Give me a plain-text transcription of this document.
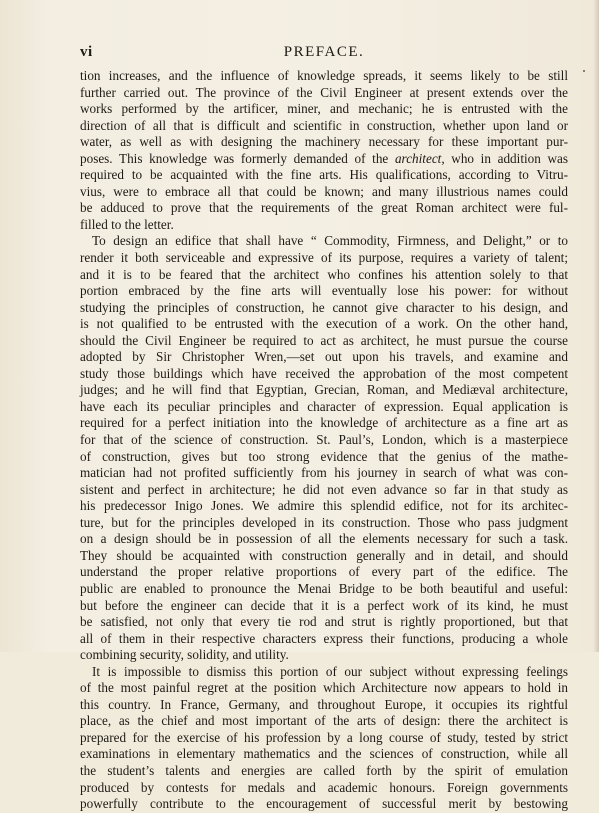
vi	PREFACE.
tion increases, and the influence of knowledge spreads, it seems likely to be still
further carried out. The province of the Civil Engineer at present extends over the
works performed by the artificer, miner, and mechanic; he is entrusted with the
direction of all that is difficult and scientific in construction, whether upon land or
water, as well as with designing the machinery necessary for these important pur-
poses. This knowledge was formerly demanded of the architect, who in addition was
required to be acquainted with the fine arts. His qualifications, according to Vitru-
vius, were to embrace all that could be known; and many illustrious names could
be adduced to prove that the requirements of the great Roman architect were ful-
filled to the letter.
To design an edifice that shall have “ Commodity, Firmness, and Delight,” or to
render it both serviceable and expressive of its purpose, requires a variety of talent;
and it is to be feared that the architect who confines his attention solely to that
portion embraced by the fine arts will eventually lose his power: for without
studying the principles of construction, he cannot give character to his design, and
is not qualified to be entrusted with the execution of a work. On the other hand,
should the Civil Engineer be required to act as architect, he must pursue the course
adopted by Sir Christopher Wren,—set out upon his travels, and examine and
study those buildings which have received the approbation of the most competent
judges; and he will find that Egyptian, Grecian, Roman, and Mediæval architecture,
have each its peculiar principles and character of expression. Equal application is
required for a perfect initiation into the knowledge of architecture as a fine art as
for that of the science of construction. St. Paul’s, London, which is a masterpiece
of construction, gives but too strong evidence that the genius of the mathe-
matician had not profited sufficiently from his journey in search of what was con-
sistent and perfect in architecture; he did not even advance so far in that study as
his predecessor Inigo Jones. We admire this splendid edifice, not for its architec-
ture, but for the principles developed in its construction. Those who pass judgment
on a design should be in possession of all the elements necessary for such a task.
They should be acquainted with construction generally and in detail, and should
understand the proper relative proportions of every part of the edifice. The
public are enabled to pronounce the Menai Bridge to be both beautiful and useful:
but before the engineer can decide that it is a perfect work of its kind, he must
be satisfied, not only that every tie rod and strut is rightly proportioned, but that
all of them in their respective characters express their functions, producing a whole
combining security, solidity, and utility.
It is impossible to dismiss this portion of our subject without expressing feelings
of the most painful regret at the position which Architecture now appears to hold in
this country. In France, Germany, and throughout Europe, it occupies its rightful
place, as the chief and most important of the arts of design: there the architect is
prepared for the exercise of his profession by a long course of study, tested by strict
examinations in elementary mathematics and the sciences of construction, while all
the student’s talents and energies are called forth by the spirit of emulation
produced by contests for medals and academic honours. Foreign governments
powerfully contribute to the encouragement of successful merit by bestowing
